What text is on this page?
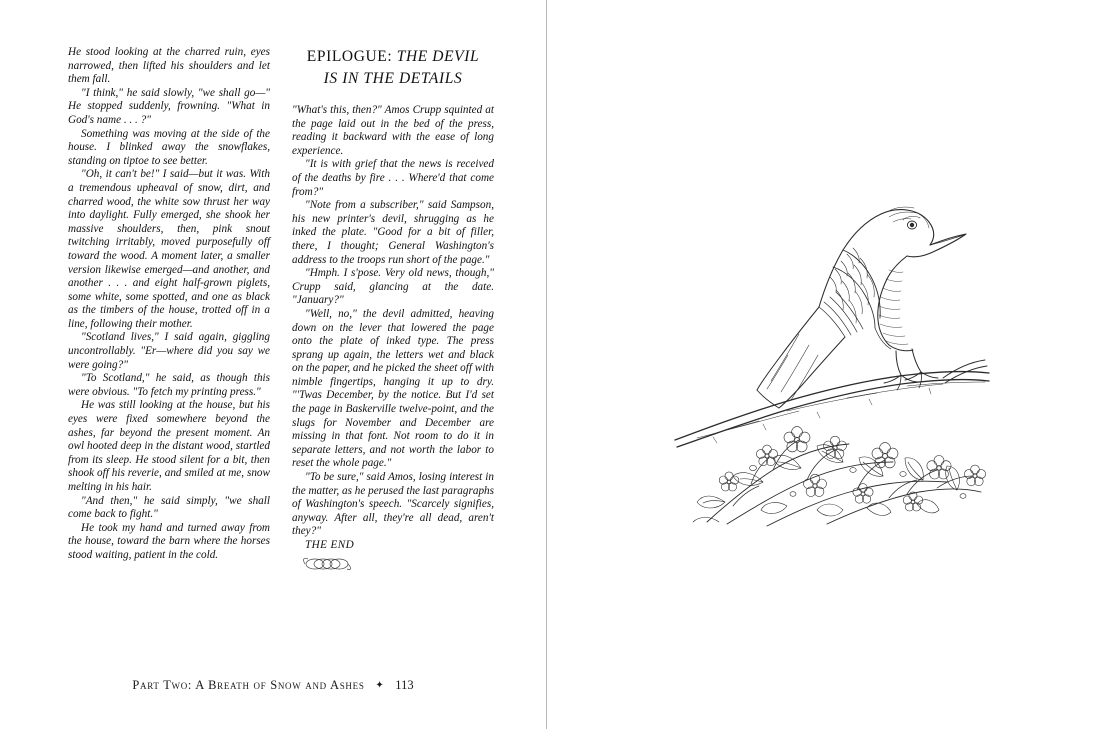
He stood looking at the charred ruin, eyes narrowed, then lifted his shoulders and let them fall.

"I think," he said slowly, "we shall go—" He stopped suddenly, frowning. "What in God's name . . . ?"

Something was moving at the side of the house. I blinked away the snowflakes, standing on tiptoe to see better.

"Oh, it can't be!" I said—but it was. With a tremendous upheaval of snow, dirt, and charred wood, the white sow thrust her way into daylight. Fully emerged, she shook her massive shoulders, then, pink snout twitching irritably, moved purposefully off toward the wood. A moment later, a smaller version likewise emerged—and another, and another . . . and eight half-grown piglets, some white, some spotted, and one as black as the timbers of the house, trotted off in a line, following their mother.

"Scotland lives," I said again, giggling uncontrollably. "Er—where did you say we were going?"

"To Scotland," he said, as though this were obvious. "To fetch my printing press."

He was still looking at the house, but his eyes were fixed somewhere beyond the ashes, far beyond the present moment. An owl hooted deep in the distant wood, startled from its sleep. He stood silent for a bit, then shook off his reverie, and smiled at me, snow melting in his hair.

"And then," he said simply, "we shall come back to fight."

He took my hand and turned away from the house, toward the barn where the horses stood waiting, patient in the cold.

EPILOGUE: THE DEVIL
IS IN THE DETAILS

"What's this, then?" Amos Crupp squinted at the page laid out in the bed of the press, reading it backward with the ease of long experience.

"It is with grief that the news is received of the deaths by fire . . . Where'd that come from?"

"Note from a subscriber," said Sampson, his new printer's devil, shrugging as he inked the plate. "Good for a bit of filler, there, I thought; General Washington's address to the troops run short of the page."

"Hmph. I s'pose. Very old news, though," Crupp said, glancing at the date. "January?"

"Well, no," the devil admitted, heaving down on the lever that lowered the page onto the plate of inked type. The press sprang up again, the letters wet and black on the paper, and he picked the sheet off with nimble fingertips, hanging it up to dry. "'Twas December, by the notice. But I'd set the page in Baskerville twelve-point, and the slugs for November and December are missing in that font. Not room to do it in separate letters, and not worth the labor to reset the whole page."

"To be sure," said Amos, losing interest in the matter, as he perused the last paragraphs of Washington's speech. "Scarcely signifies, anyway. After all, they're all dead, aren't they?"

THE END

Part Two: A Breath of Snow and Ashes ✦ 113
